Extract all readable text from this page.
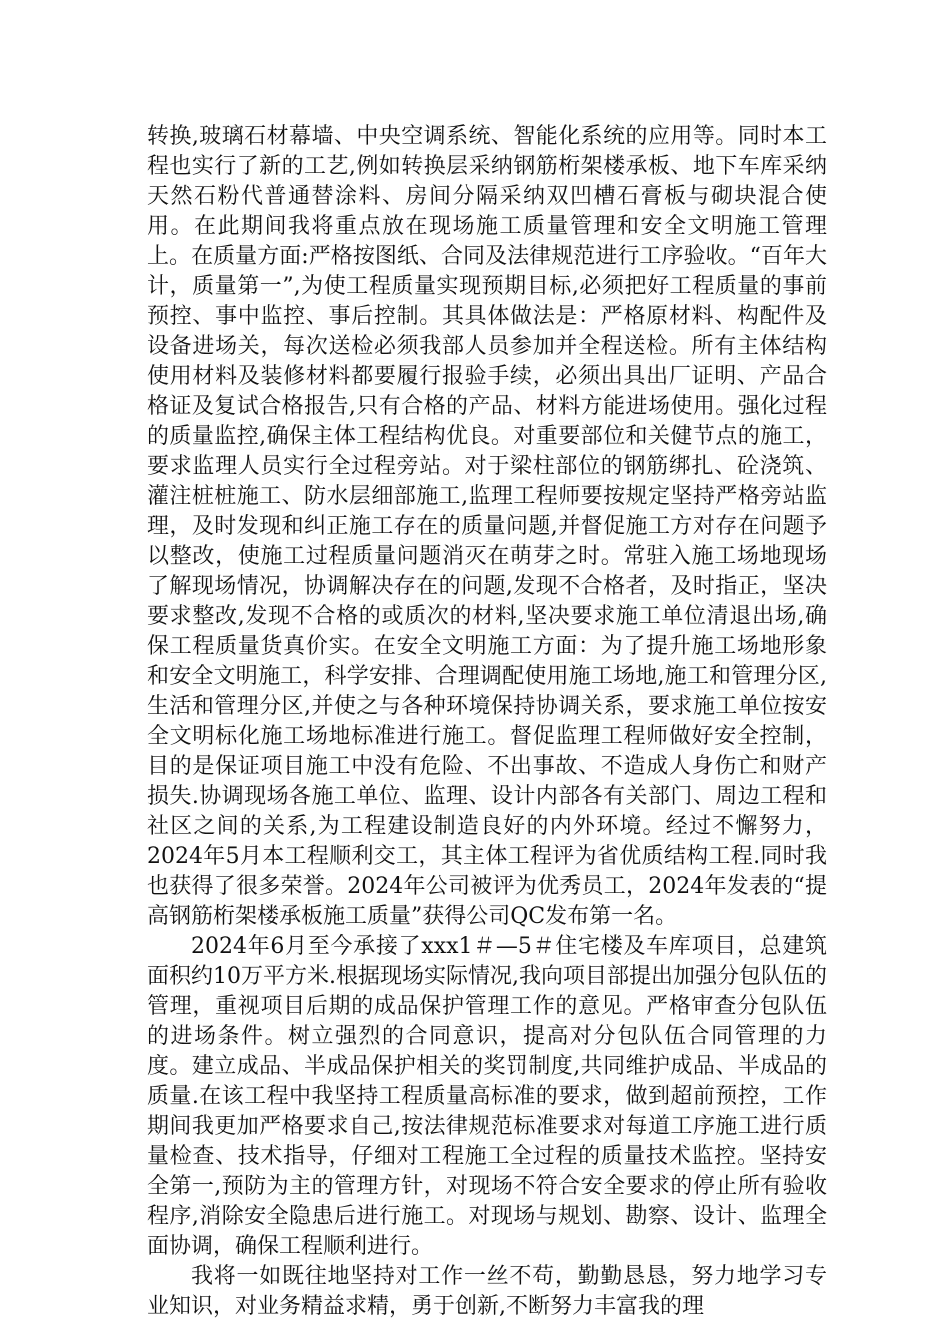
转换,玻璃石材幕墙、中央空调系统、智能化系统的应用等。同时本工程也实行了新的工艺,例如转换层采纳钢筋桁架楼承板、地下车库采纳天然石粉代普通替涂料、房间分隔采纳双凹槽石膏板与砌块混合使用。在此期间我将重点放在现场施工质量管理和安全文明施工管理上。在质量方面:严格按图纸、合同及法律规范进行工序验收。“百年大计，质量第一”,为使工程质量实现预期目标,必须把好工程质量的事前预控、事中监控、事后控制。其具体做法是：严格原材料、构配件及设备进场关，每次送检必须我部人员参加并全程送检。所有主体结构使用材料及装修材料都要履行报验手续，必须出具出厂证明、产品合格证及复试合格报告,只有合格的产品、材料方能进场使用。强化过程的质量监控,确保主体工程结构优良。对重要部位和关健节点的施工，要求监理人员实行全过程旁站。对于梁柱部位的钢筋绑扎、砼浇筑、灌注桩桩施工、防水层细部施工,监理工程师要按规定坚持严格旁站监理，及时发现和纠正施工存在的质量问题,并督促施工方对存在问题予以整改，使施工过程质量问题消灭在萌芽之时。常驻入施工场地现场了解现场情况，协调解决存在的问题,发现不合格者，及时指正，坚决要求整改,发现不合格的或质次的材料,坚决要求施工单位清退出场,确保工程质量货真价实。在安全文明施工方面：为了提升施工场地形象和安全文明施工，科学安排、合理调配使用施工场地,施工和管理分区,生活和管理分区,并使之与各种环境保持协调关系，要求施工单位按安全文明标化施工场地标准进行施工。督促监理工程师做好安全控制，目的是保证项目施工中没有危险、不出事故、不造成人身伤亡和财产损失.协调现场各施工单位、监理、设计内部各有关部门、周边工程和社区之间的关系,为工程建设制造良好的内外环境。经过不懈努力，2024年5月本工程顺利交工，其主体工程评为省优质结构工程.同时我也获得了很多荣誉。2024年公司被评为优秀员工，2024年发表的“提高钢筋桁架楼承板施工质量”获得公司QC发布第一名。

2024年6月至今承接了xxx1＃—5＃住宅楼及车库项目，总建筑面积约10万平方米.根据现场实际情况,我向项目部提出加强分包队伍的管理，重视项目后期的成品保护管理工作的意见。严格审查分包队伍的进场条件。树立强烈的合同意识，提高对分包队伍合同管理的力度。建立成品、半成品保护相关的奖罚制度,共同维护成品、半成品的质量.在该工程中我坚持工程质量高标准的要求，做到超前预控，工作期间我更加严格要求自己,按法律规范标准要求对每道工序施工进行质量检查、技术指导，仔细对工程施工全过程的质量技术监控。坚持安全第一,预防为主的管理方针，对现场不符合安全要求的停止所有验收程序,消除安全隐患后进行施工。对现场与规划、勘察、设计、监理全面协调，确保工程顺利进行。

我将一如既往地坚持对工作一丝不苟，勤勤恳恳，努力地学习专业知识，对业务精益求精，勇于创新,不断努力丰富我的理
